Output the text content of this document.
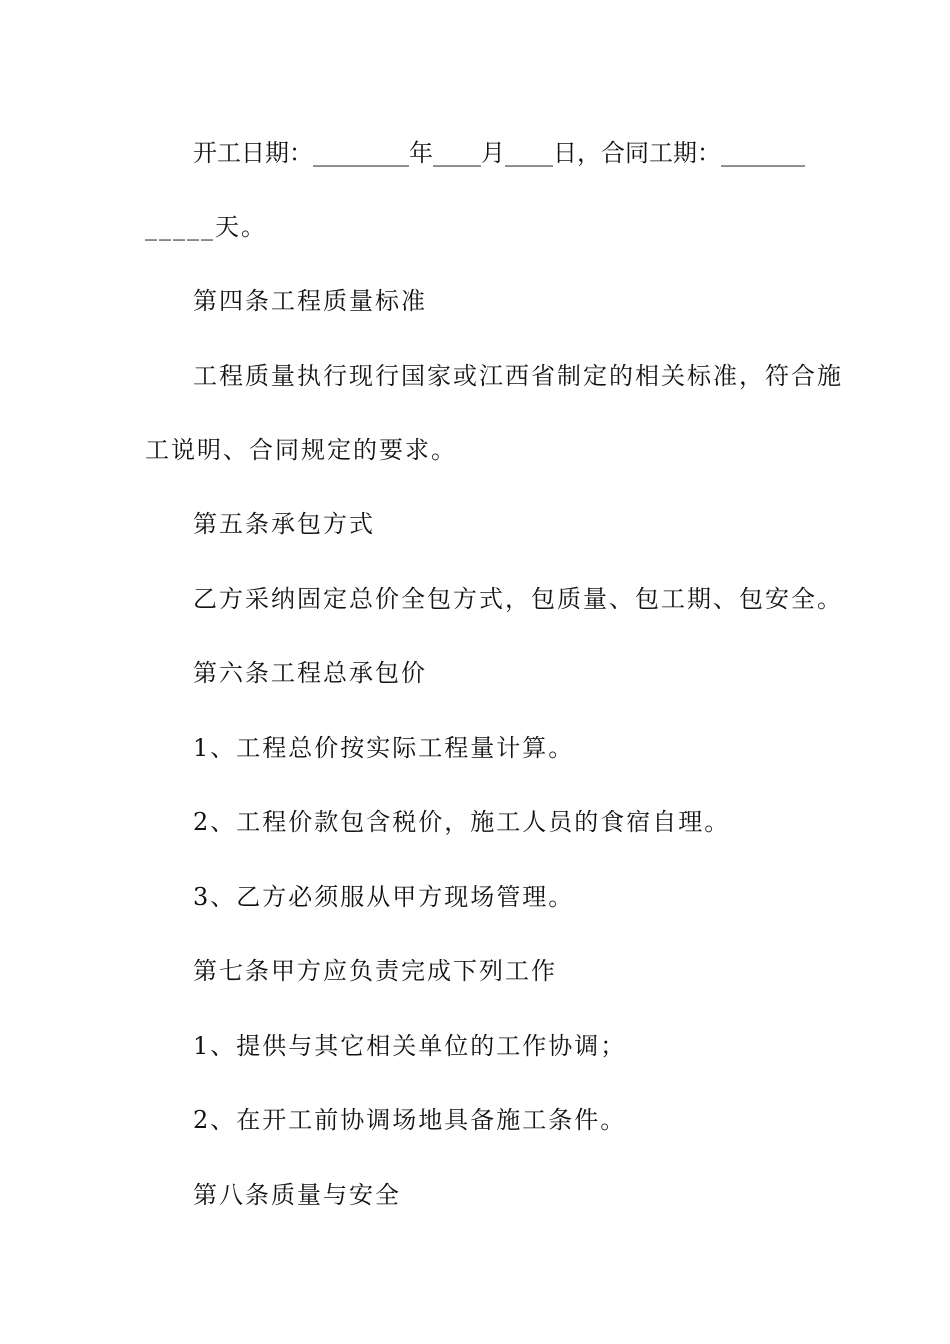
开工日期：________年____月____日，合同工期：_______
_____天。
第四条工程质量标准
工程质量执行现行国家或江西省制定的相关标准，符合施
工说明、合同规定的要求。
第五条承包方式
乙方采纳固定总价全包方式，包质量、包工期、包安全。
第六条工程总承包价
1、工程总价按实际工程量计算。
2、工程价款包含税价，施工人员的食宿自理。
3、乙方必须服从甲方现场管理。
第七条甲方应负责完成下列工作
1、提供与其它相关单位的工作协调；
2、在开工前协调场地具备施工条件。
第八条质量与安全
